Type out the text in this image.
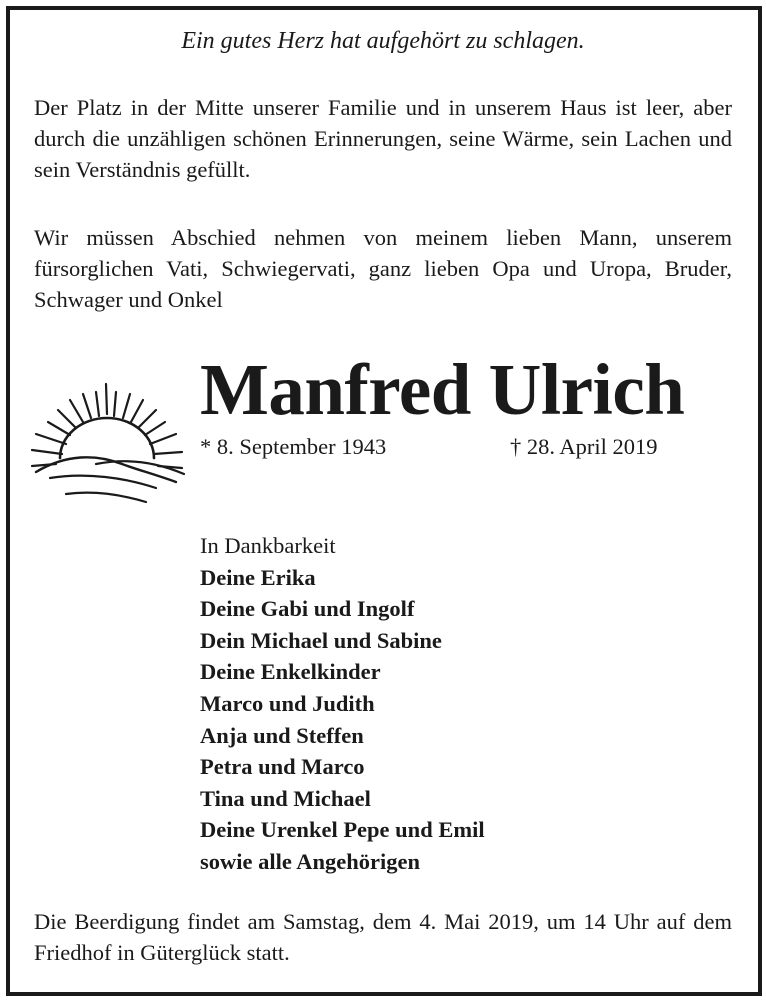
Ein gutes Herz hat aufgehört zu schlagen.
Der Platz in der Mitte unserer Familie und in unserem Haus ist leer, aber durch die unzähligen schönen Erinnerungen, seine Wärme, sein Lachen und sein Verständnis gefüllt.
Wir müssen Abschied nehmen von meinem lieben Mann, unserem fürsorglichen Vati, Schwiegervati, ganz lieben Opa und Uropa, Bruder, Schwager und Onkel
Manfred Ulrich
* 8. September 1943	† 28. April 2019
In Dankbarkeit
Deine Erika
Deine Gabi und Ingolf
Dein Michael und Sabine
Deine Enkelkinder
Marco und Judith
Anja und Steffen
Petra und Marco
Tina und Michael
Deine Urenkel Pepe und Emil
sowie alle Angehörigen
Die Beerdigung findet am Samstag, dem 4. Mai 2019, um 14 Uhr auf dem Friedhof in Güterglück statt.
